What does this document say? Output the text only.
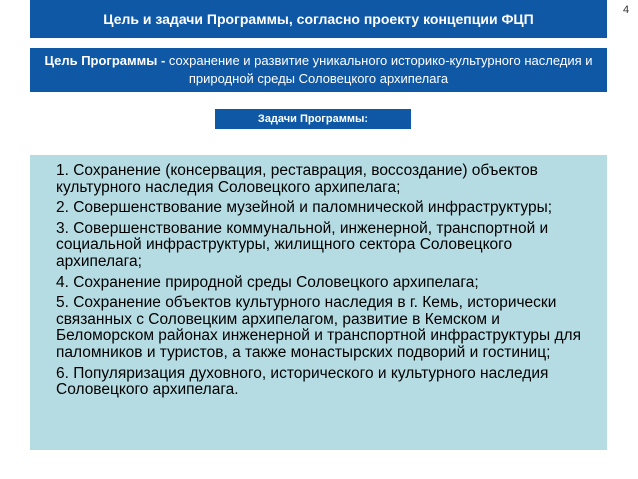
Цель и задачи Программы, согласно проекту концепции ФЦП
4
Цель Программы - сохранение и развитие уникального историко-культурного наследия и природной среды Соловецкого архипелага
Задачи Программы:

1. Сохранение (консервация, реставрация, воссоздание) объектов культурного наследия Соловецкого архипелага;

2. Совершенствование музейной и паломнической инфраструктуры;

3. Совершенствование коммунальной, инженерной, транспортной и социальной инфраструктуры, жилищного сектора Соловецкого архипелага;

4. Сохранение природной среды Соловецкого архипелага;

5. Сохранение объектов культурного наследия в г. Кемь, исторически связанных с Соловецким архипелагом, развитие в Кемском и Беломорском районах инженерной и транспортной инфраструктуры для паломников и туристов, а также монастырских подворий и гостиниц;

6. Популяризация духовного, исторического и культурного наследия Соловецкого архипелага.
